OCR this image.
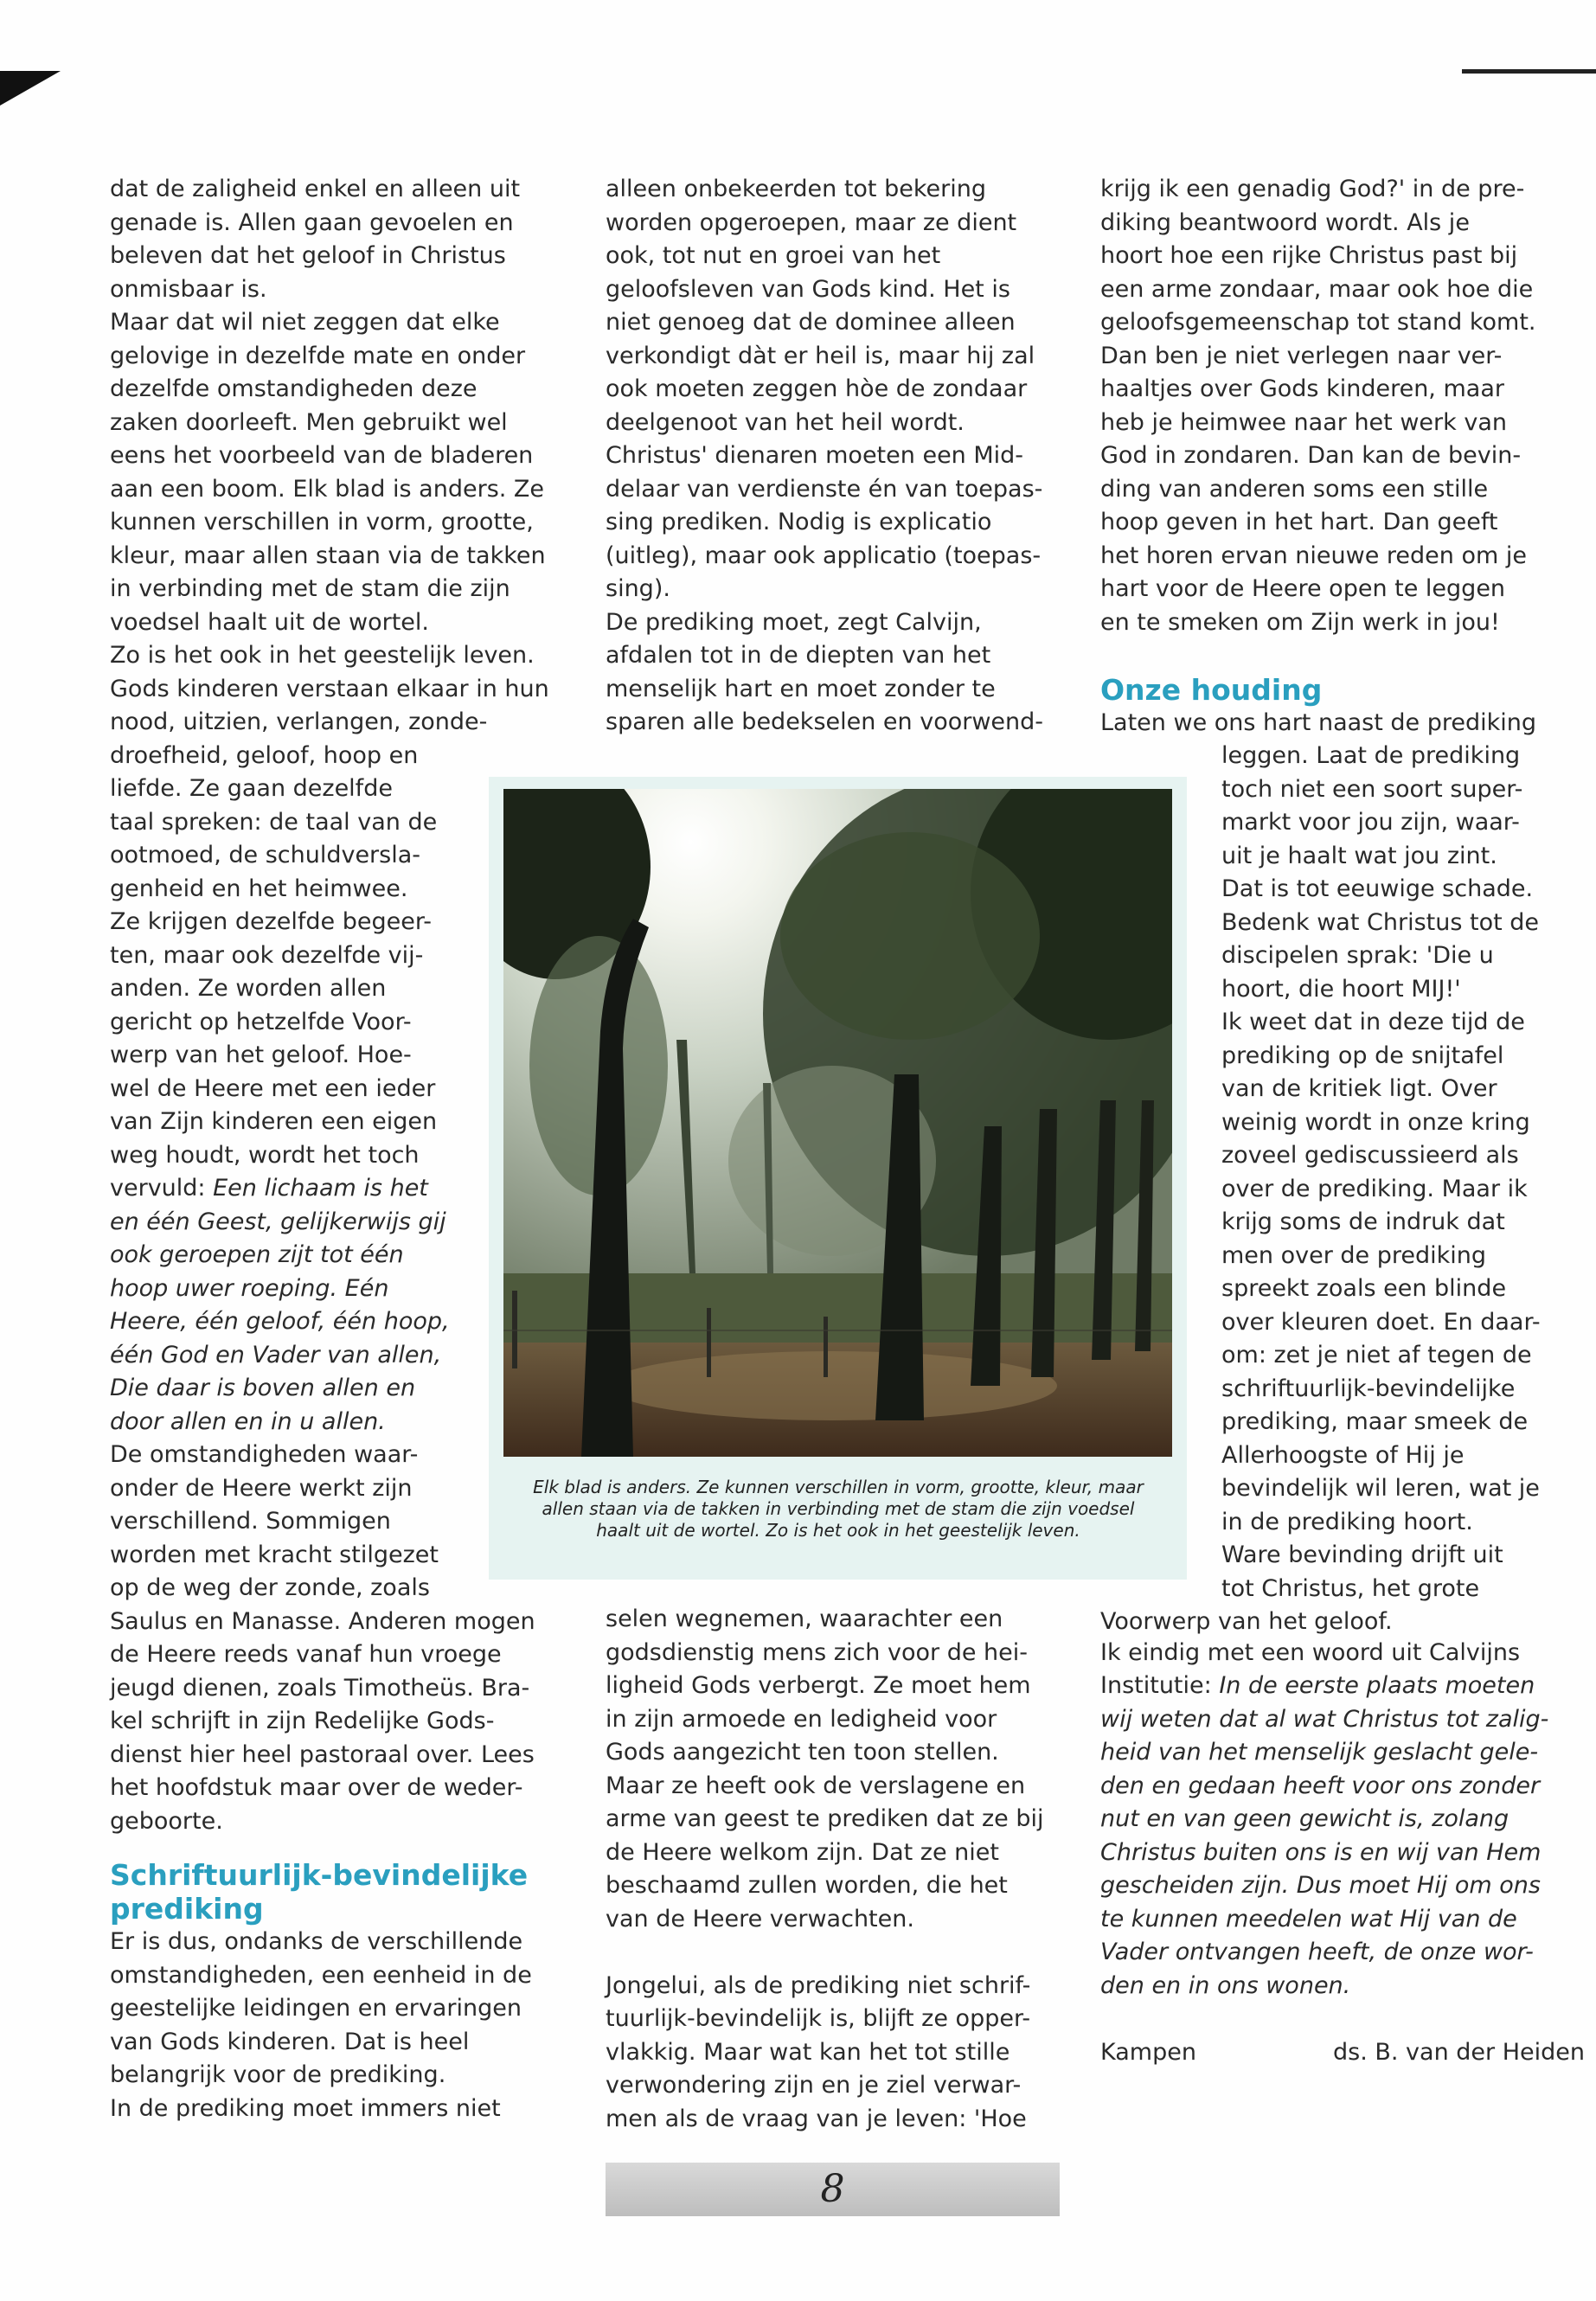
dat de zaligheid enkel en alleen uit

genade is. Allen gaan gevoelen en

beleven dat het geloof in Christus

onmisbaar is.

Maar dat wil niet zeggen dat elke

gelovige in dezelfde mate en onder

dezelfde omstandigheden deze

zaken doorleeft. Men gebruikt wel

eens het voorbeeld van de bladeren

aan een boom. Elk blad is anders. Ze

kunnen verschillen in vorm, grootte,

kleur, maar allen staan via de takken

in verbinding met de stam die zijn

voedsel haalt uit de wortel.

Zo is het ook in het geestelijk leven.

Gods kinderen verstaan elkaar in hun

nood, uitzien, verlangen, zonde-

droefheid, geloof, hoop en

liefde. Ze gaan dezelfde

taal spreken: de taal van de

ootmoed, de schuldversla-

genheid en het heimwee.

Ze krijgen dezelfde begeer-

ten, maar ook dezelfde vij-

anden. Ze worden allen

gericht op hetzelfde Voor-

werp van het geloof. Hoe-

wel de Heere met een ieder

van Zijn kinderen een eigen

weg houdt, wordt het toch

vervuld: Een lichaam is het

en één Geest, gelijkerwijs gij

ook geroepen zijt tot één

hoop uwer roeping. Eén

Heere, één geloof, één hoop,

één God en Vader van allen,

Die daar is boven allen en

door allen en in u allen.

De omstandigheden waar-

onder de Heere werkt zijn

verschillend. Sommigen

worden met kracht stilgezet

op de weg der zonde, zoals

Saulus en Manasse. Anderen mogen

de Heere reeds vanaf hun vroege

jeugd dienen, zoals Timotheüs. Bra-

kel schrijft in zijn Redelijke Gods-

dienst hier heel pastoraal over. Lees

het hoofdstuk maar over de weder-

geboorte.

Schriftuurlijk-bevindelijke

prediking

Er is dus, ondanks de verschillende

omstandigheden, een eenheid in de

geestelijke leidingen en ervaringen

van Gods kinderen. Dat is heel

belangrijk voor de prediking.

In de prediking moet immers niet

alleen onbekeerden tot bekering

worden opgeroepen, maar ze dient

ook, tot nut en groei van het

geloofsleven van Gods kind. Het is

niet genoeg dat de dominee alleen

verkondigt dàt er heil is, maar hij zal

ook moeten zeggen hòe de zondaar

deelgenoot van het heil wordt.

Christus' dienaren moeten een Mid-

delaar van verdienste én van toepas-

sing prediken. Nodig is explicatio

(uitleg), maar ook applicatio (toepas-

sing).

De prediking moet, zegt Calvijn,

afdalen tot in de diepten van het

menselijk hart en moet zonder te

sparen alle bedekselen en voorwend-

selen wegnemen, waarachter een

godsdienstig mens zich voor de hei-

ligheid Gods verbergt. Ze moet hem

in zijn armoede en ledigheid voor

Gods aangezicht ten toon stellen.

Maar ze heeft ook de verslagene en

arme van geest te prediken dat ze bij

de Heere welkom zijn. Dat ze niet

beschaamd zullen worden, die het

van de Heere verwachten.

Jongelui, als de prediking niet schrif-

tuurlijk-bevindelijk is, blijft ze opper-

vlakkig. Maar wat kan het tot stille

verwondering zijn en je ziel verwar-

men als de vraag van je leven: 'Hoe

krijg ik een genadig God?' in de pre-

diking beantwoord wordt. Als je

hoort hoe een rijke Christus past bij

een arme zondaar, maar ook hoe die

geloofsgemeenschap tot stand komt.

Dan ben je niet verlegen naar ver-

haaltjes over Gods kinderen, maar

heb je heimwee naar het werk van

God in zondaren. Dan kan de bevin-

ding van anderen soms een stille

hoop geven in het hart. Dan geeft

het horen ervan nieuwe reden om je

hart voor de Heere open te leggen

en te smeken om Zijn werk in jou!

Onze houding

Laten we ons hart naast de prediking

leggen. Laat de prediking

toch niet een soort super-

markt voor jou zijn, waar-

uit je haalt wat jou zint.

Dat is tot eeuwige schade.

Bedenk wat Christus tot de

discipelen sprak: 'Die u

hoort, die hoort MIJ!'

Ik weet dat in deze tijd de

prediking op de snijtafel

van de kritiek ligt. Over

weinig wordt in onze kring

zoveel gediscussieerd als

over de prediking. Maar ik

krijg soms de indruk dat

men over de prediking

spreekt zoals een blinde

over kleuren doet. En daar-

om: zet je niet af tegen de

schriftuurlijk-bevindelijke

prediking, maar smeek de

Allerhoogste of Hij je

bevindelijk wil leren, wat je

in de prediking hoort.

Ware bevinding drijft uit

tot Christus, het grote

Voorwerp van het geloof.

Ik eindig met een woord uit Calvijns

Institutie: In de eerste plaats moeten

wij weten dat al wat Christus tot zalig-

heid van het menselijk geslacht gele-

den en gedaan heeft voor ons zonder

nut en van geen gewicht is, zolang

Christus buiten ons is en wij van Hem

gescheiden zijn. Dus moet Hij om ons

te kunnen meedelen wat Hij van de

Vader ontvangen heeft, de onze wor-

den en in ons wonen.

Kampen	ds. B. van der Heiden

Elk blad is anders. Ze kunnen verschillen in vorm, grootte, kleur, maar
allen staan via de takken in verbinding met de stam die zijn voedsel
haalt uit de wortel. Zo is het ook in het geestelijk leven.
8
